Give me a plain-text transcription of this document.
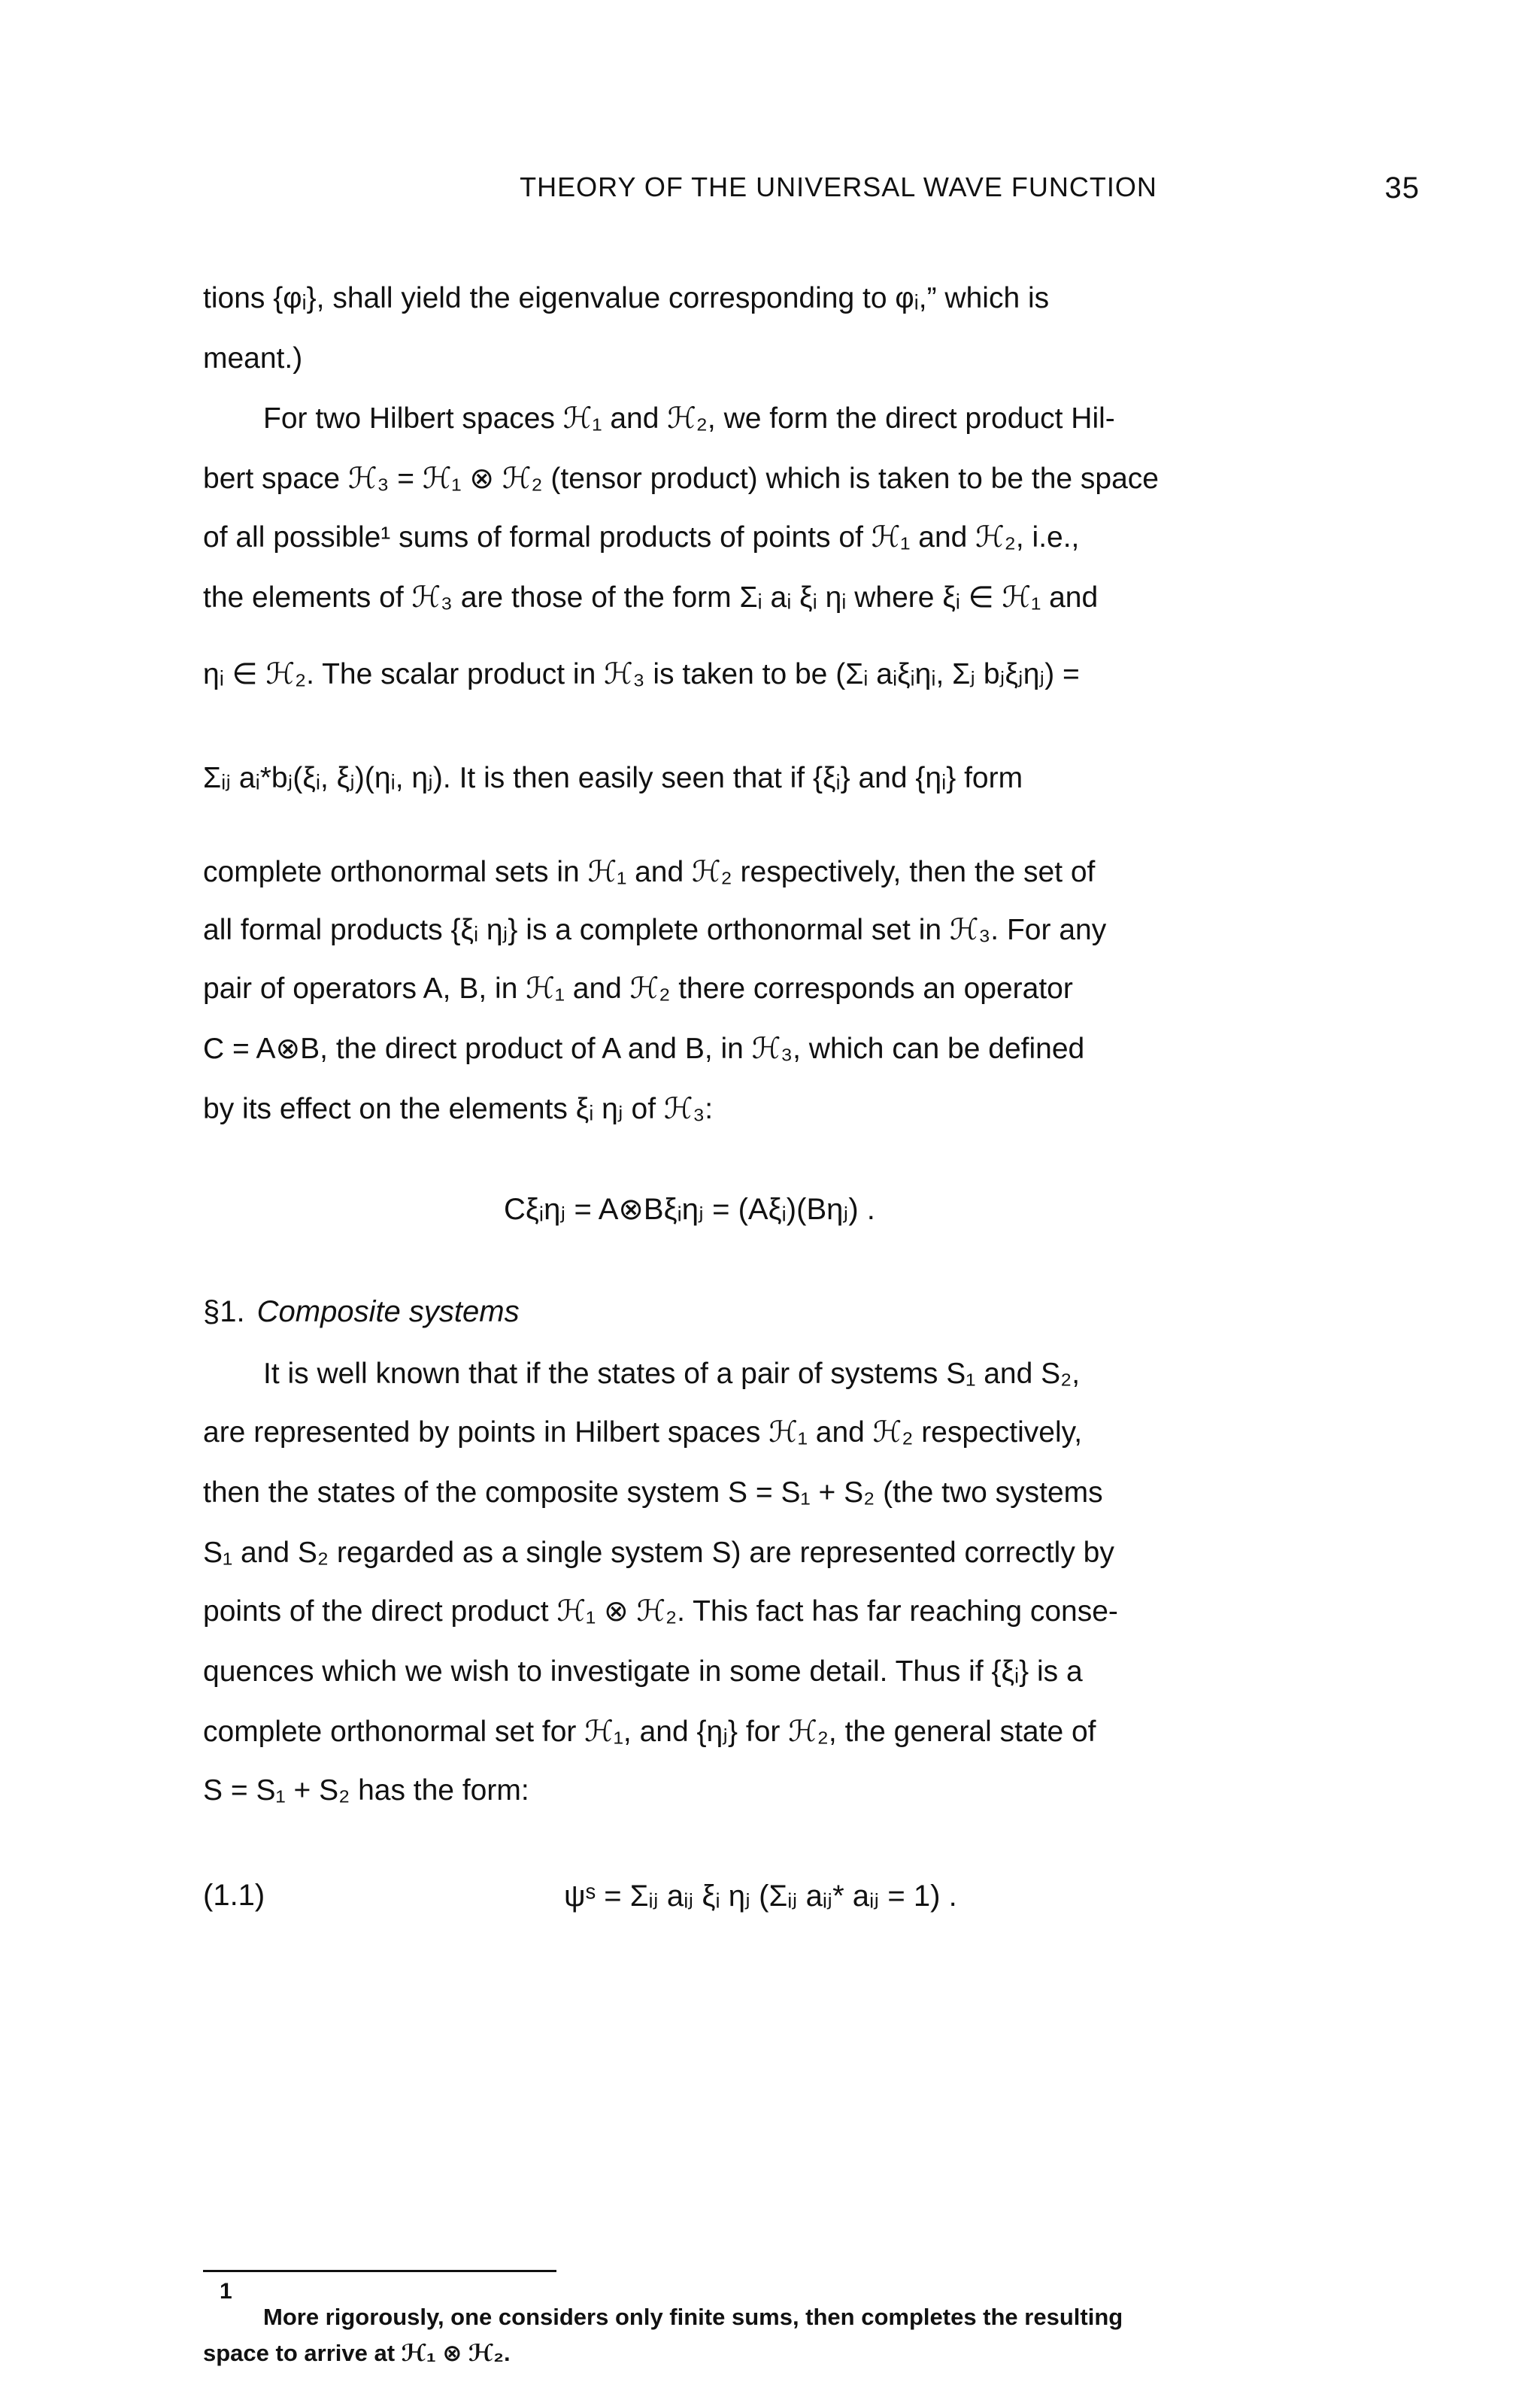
THEORY OF THE UNIVERSAL WAVE FUNCTION	35
tions {φᵢ}, shall yield the eigenvalue corresponding to φᵢ,” which is
meant.)
For two Hilbert spaces ℋ₁ and ℋ₂, we form the direct product Hil-
bert space ℋ₃ = ℋ₁ ⊗ ℋ₂ (tensor product) which is taken to be the space
of all possible¹ sums of formal products of points of ℋ₁ and ℋ₂, i.e.,
the elements of ℋ₃ are those of the form Σᵢ aᵢ ξᵢ ηᵢ where ξᵢ ∈ ℋ₁ and
ηᵢ ∈ ℋ₂. The scalar product in ℋ₃ is taken to be (Σᵢ aᵢξᵢηᵢ, Σⱼ bⱼξⱼηⱼ) =
Σᵢⱼ aᵢ*bⱼ(ξᵢ, ξⱼ)(ηᵢ, ηⱼ). It is then easily seen that if {ξᵢ} and {ηᵢ} form
complete orthonormal sets in ℋ₁ and ℋ₂ respectively, then the set of
all formal products {ξᵢ ηⱼ} is a complete orthonormal set in ℋ₃. For any
pair of operators A, B, in ℋ₁ and ℋ₂ there corresponds an operator
C = A⊗B, the direct product of A and B, in ℋ₃, which can be defined
by its effect on the elements ξᵢ ηⱼ of ℋ₃:
Cξᵢηⱼ = A⊗Bξᵢηⱼ = (Aξᵢ)(Bηⱼ) .
§1. Composite systems
It is well known that if the states of a pair of systems S₁ and S₂,
are represented by points in Hilbert spaces ℋ₁ and ℋ₂ respectively,
then the states of the composite system S = S₁ + S₂ (the two systems
S₁ and S₂ regarded as a single system S) are represented correctly by
points of the direct product ℋ₁ ⊗ ℋ₂. This fact has far reaching conse-
quences which we wish to investigate in some detail. Thus if {ξᵢ} is a
complete orthonormal set for ℋ₁, and {ηⱼ} for ℋ₂, the general state of
S = S₁ + S₂ has the form:
(1.1)	ψˢ = Σᵢⱼ aᵢⱼ ξᵢ ηⱼ (Σᵢⱼ aᵢⱼ* aᵢⱼ = 1) .
1
More rigorously, one considers only finite sums, then completes the resulting
space to arrive at ℋ₁ ⊗ ℋ₂.
